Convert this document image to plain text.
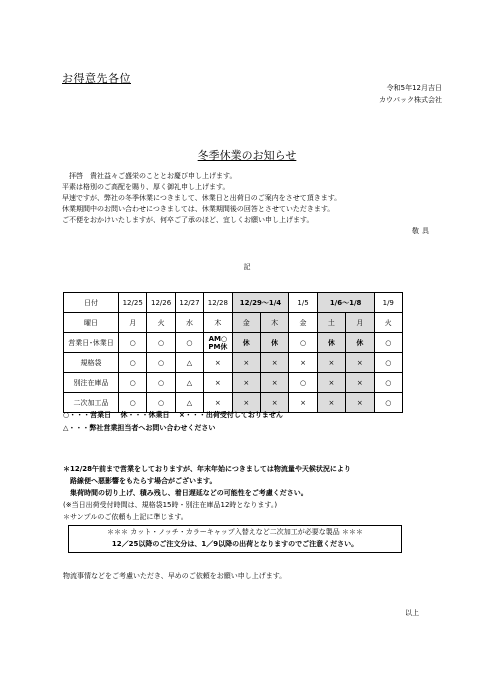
お得意先各位
令和5年12月吉日
カウパック株式会社
冬季休業のお知らせ
　拝啓　貴社益々ご盛栄のこととお慶び申し上げます。
平素は格別のご高配を賜り、厚く御礼申し上げます。
早速ですが、弊社の冬季休業につきまして、休業日と出荷日のご案内をさせて頂きます。
休業期間中のお問い合わせにつきましては、休業期間後の回答とさせていただきます。
ご不便をおかけいたしますが、何卒ご了承のほど、宜しくお願い申し上げます。
敬具
記
日付	12/25	12/26	12/27	12/28	12/29～1/4		1/5	1/6～1/8		1/9
曜日	月	火	水	木	金	木	金	土	月	火
営業日･休業日	○	○	○	AM○ PM休	休	休	○	休	休	○
規格袋	○	○	△	×	×	×	×	×	×	○
別注在庫品	○	○	△	×	×	×	○	×	×	○
二次加工品	○	○	△	×	×	×	×	×	×	○
○・・・営業日　 休・・・休業日　 ×・・・出荷受付しておりません
△・・・弊社営業担当者へお問い合わせください
＊12/28午前まで営業をしておりますが、年末年始につきましては物流量や天候状況により
　路線便へ悪影響をもたらす場合がございます。
　集荷時間の切り上げ、積み残し、着日遅延などの可能性をご考慮ください。
(※当日出荷受付時間は、規格袋15時・別注在庫品12時となります。)
＊サンプルのご依頼も上記に準じます。
＊＊＊ カット・ノッチ・カラーキャップ入替えなど二次加工が必要な製品 ＊＊＊
12／25以降のご注文分は、1／9以降の出荷となりますのでご注意ください。
物流事情などをご考慮いただき、早めのご依頼をお願い申し上げます。
以上
